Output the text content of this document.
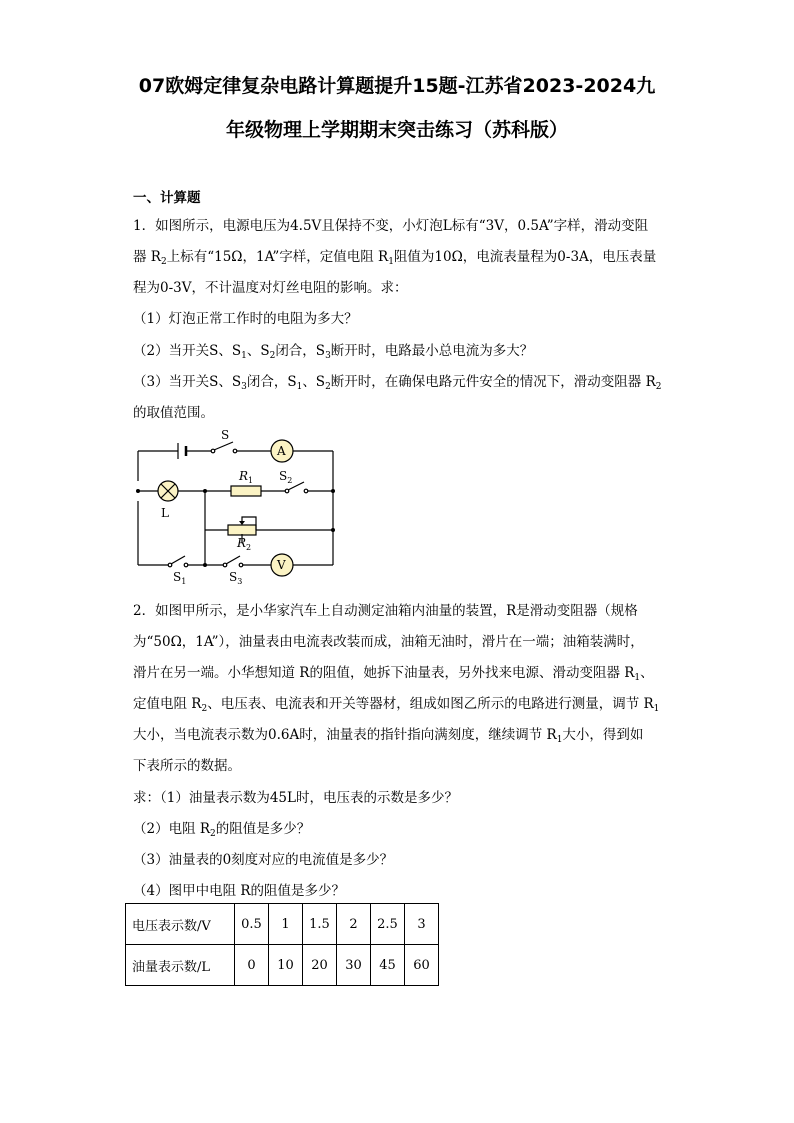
07欧姆定律复杂电路计算题提升15题-江苏省2023-2024九
年级物理上学期期末突击练习（苏科版）
一、计算题
1．如图所示，电源电压为4.5V且保持不变，小灯泡L标有“3V，0.5A”字样，滑动变阻
器 $R_2$上标有“15Ω，1A”字样，定值电阻 $R_1$阻值为10Ω，电流表量程为0-3A，电压表量
程为0-3V，不计温度对灯丝电阻的影响。求：
（1）灯泡正常工作时的电阻为多大？
（2）当开关S、$S_1$、$S_2$闭合，$S_3$断开时，电路最小总电流为多大？
（3）当开关S、$S_3$闭合，$S_1$、$S_2$断开时，在确保电路元件安全的情况下，滑动变阻器 $R_2$
的取值范围。
S
A
L
$R_1$ $S_2$
$R_2$
$S_1$	$S_3$
V
2．如图甲所示，是小华家汽车上自动测定油箱内油量的装置，R是滑动变阻器（规格
为“50Ω，1A”），油量表由电流表改装而成，油箱无油时，滑片在一端；油箱装满时，
滑片在另一端。小华想知道 R的阻值，她拆下油量表，另外找来电源、滑动变阻器 $R_1$、
定值电阻 $R_2$、电压表、电流表和开关等器材，组成如图乙所示的电路进行测量，调节 $R_1$
大小，当电流表示数为0.6A时，油量表的指针指向满刻度，继续调节 $R_1$大小，得到如
下表所示的数据。
求：（1）油量表示数为45L时，电压表的示数是多少？
（2）电阻 $R_2$的阻值是多少？
（3）油量表的0刻度对应的电流值是多少？
（4）图甲中电阻 R的阻值是多少？
电压表示数/V	0.5	1	1.5	2	2.5	3
油量表示数/L	0	10	20	30	45	60
